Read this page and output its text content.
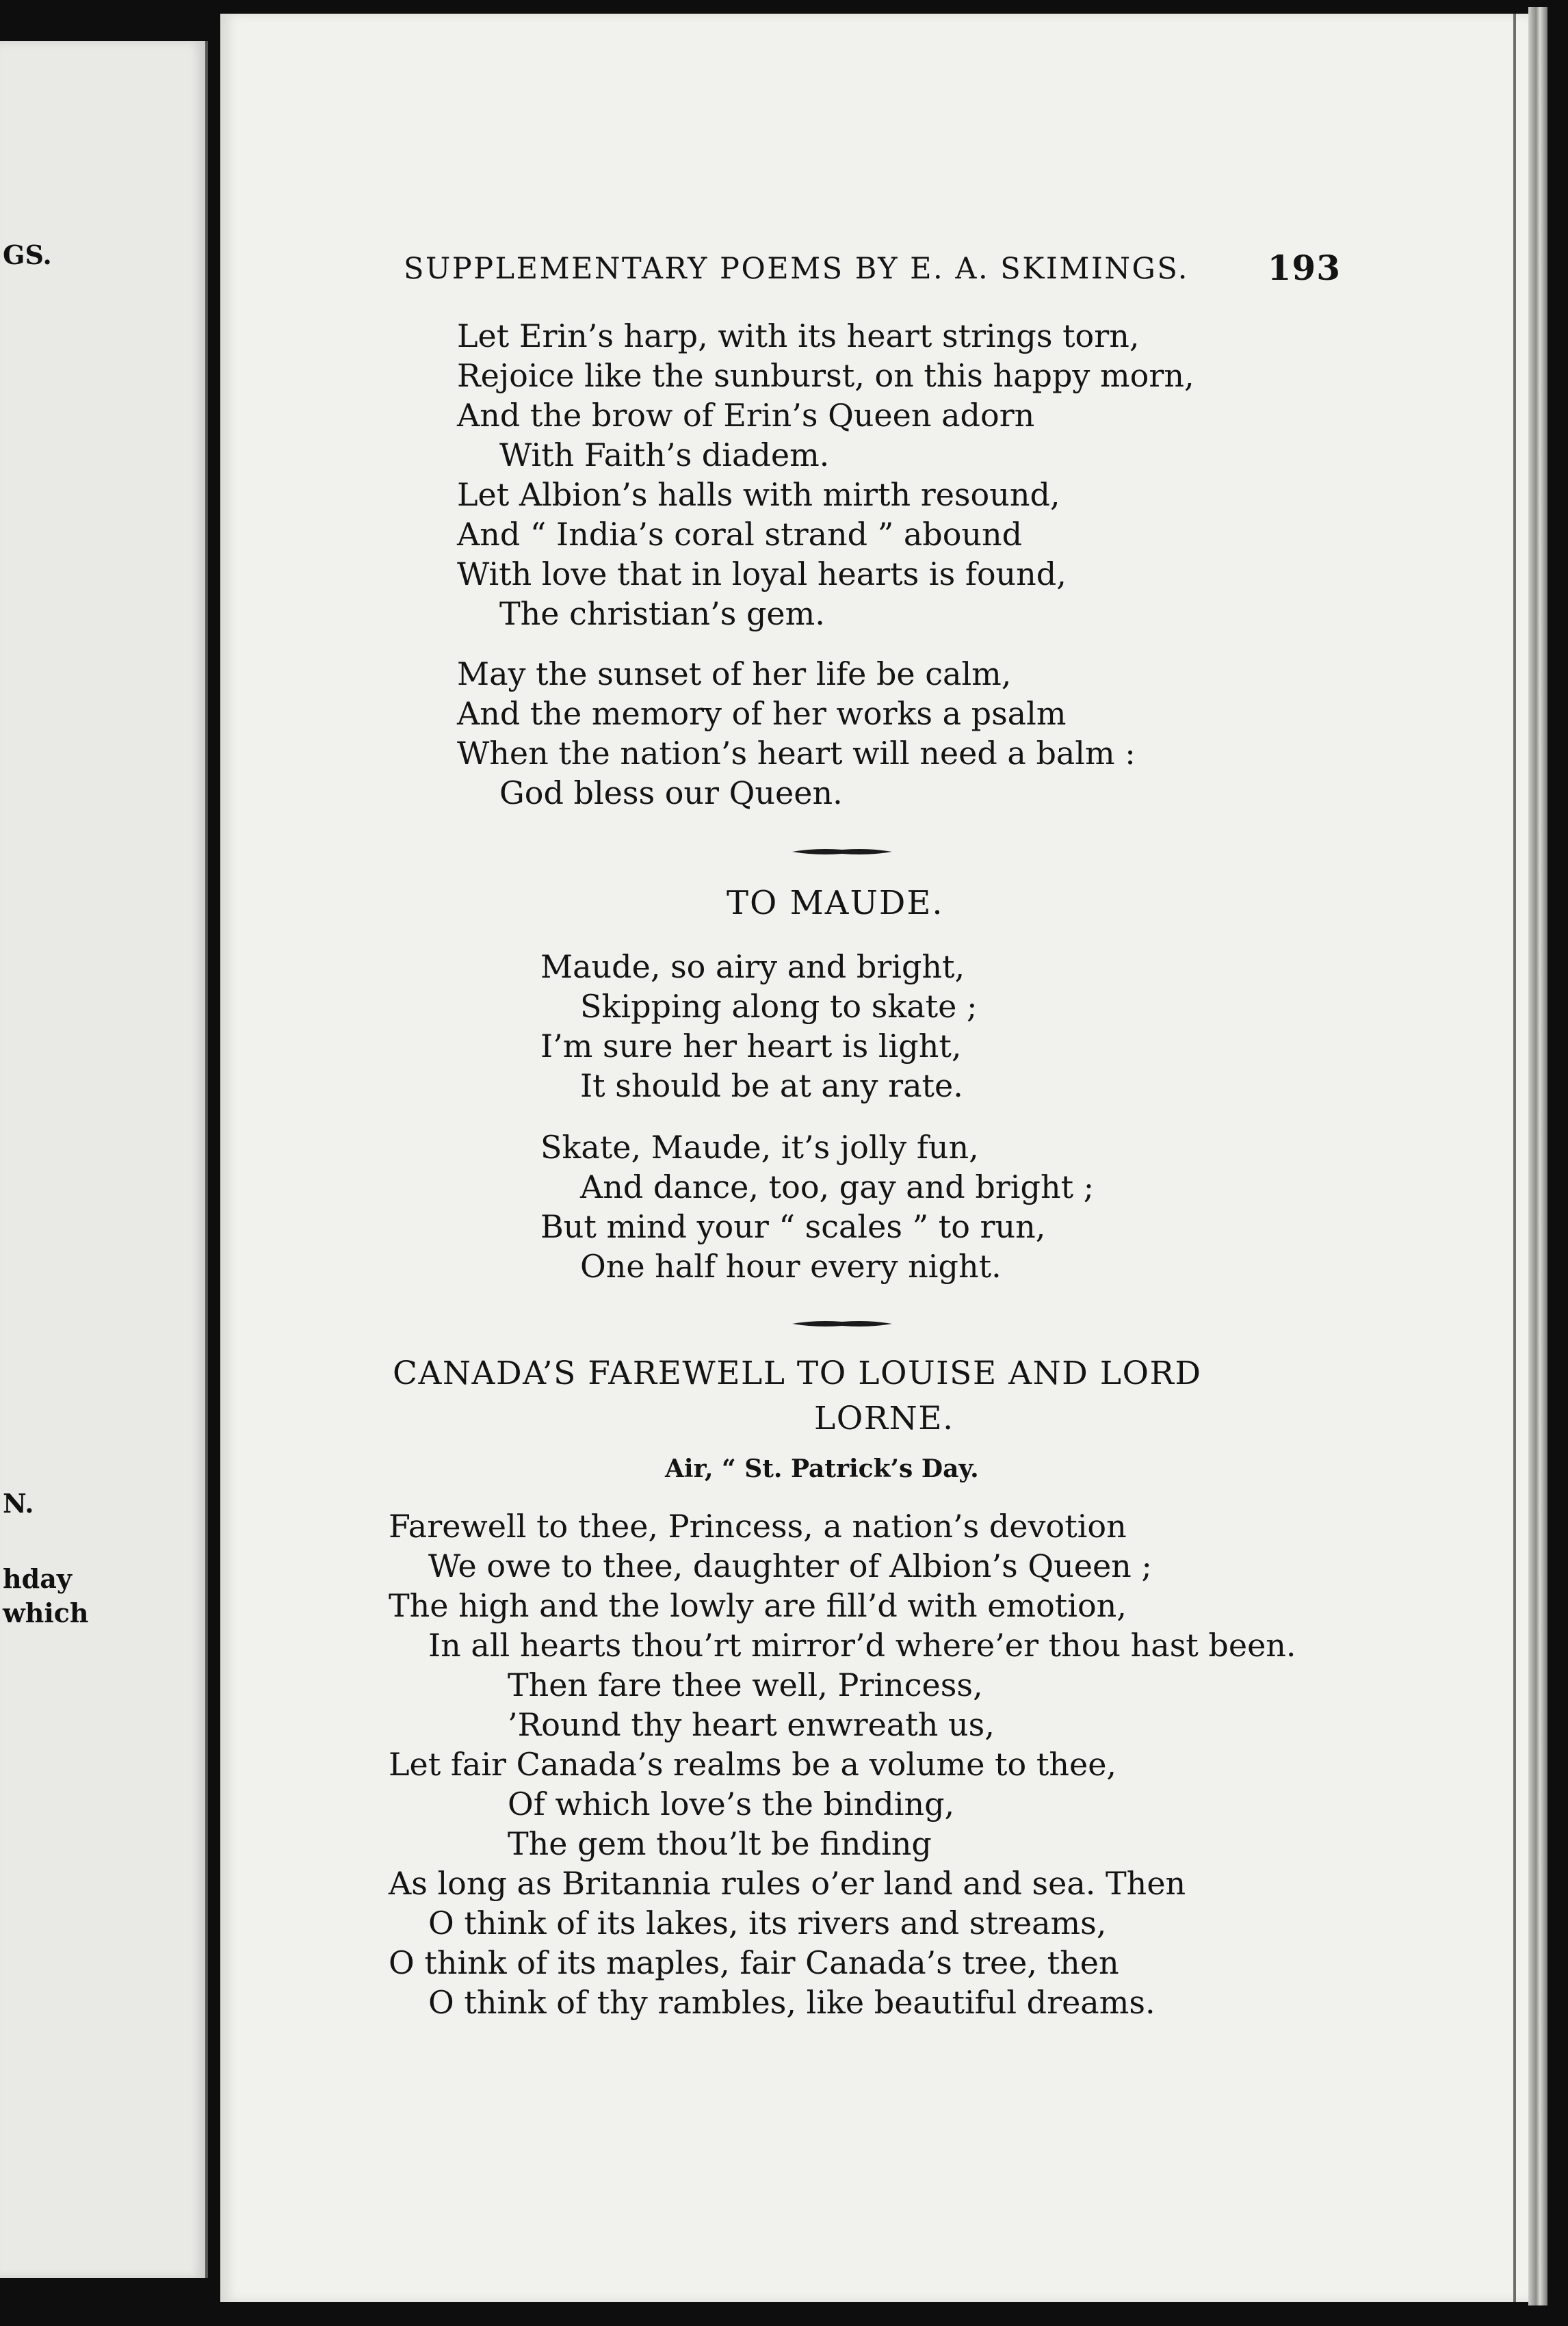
GS.
N.
hday
which
SUPPLEMENTARY POEMS BY E. A. SKIMINGS. 193
Let Erin’s harp, with its heart strings torn,
Rejoice like the sunburst, on this happy morn,
And the brow of Erin’s Queen adorn
With Faith’s diadem.
Let Albion’s halls with mirth resound,
And “ India’s coral strand ” abound
With love that in loyal hearts is found,
The christian’s gem.
May the sunset of her life be calm,
And the memory of her works a psalm
When the nation’s heart will need a balm :
God bless our Queen.
TO MAUDE.
Maude, so airy and bright,
Skipping along to skate ;
I’m sure her heart is light,
It should be at any rate.
Skate, Maude, it’s jolly fun,
And dance, too, gay and bright ;
But mind your “ scales ” to run,
One half hour every night.
CANADA’S FAREWELL TO LOUISE AND LORD
LORNE.
Air, “ St. Patrick’s Day.
Farewell to thee, Princess, a nation’s devotion
We owe to thee, daughter of Albion’s Queen ;
The high and the lowly are fill’d with emotion,
In all hearts thou’rt mirror’d where’er thou hast been.
Then fare thee well, Princess,
’Round thy heart enwreath us,
Let fair Canada’s realms be a volume to thee,
Of which love’s the binding,
The gem thou’lt be finding
As long as Britannia rules o’er land and sea. Then
O think of its lakes, its rivers and streams,
O think of its maples, fair Canada’s tree, then
O think of thy rambles, like beautiful dreams.
